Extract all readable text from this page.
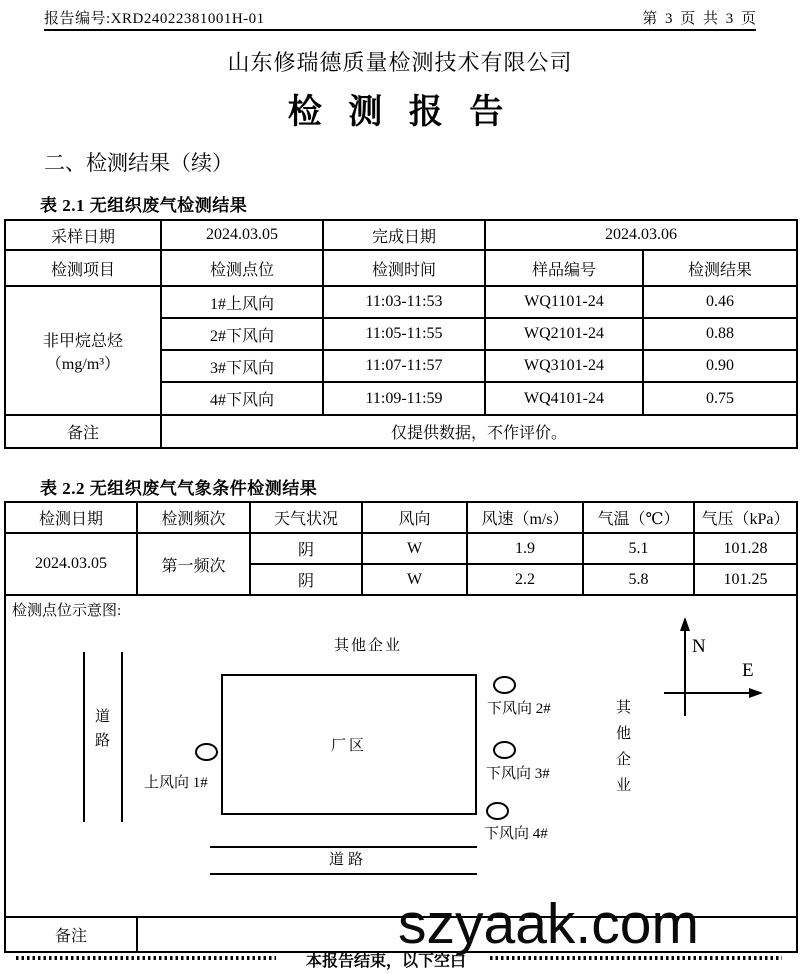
报告编号:XRD24022381001H-01	第 3 页 共 3 页
山东修瑞德质量检测技术有限公司
检 测 报 告
二、检测结果（续）
表 2.1 无组织废气检测结果
采样日期	2024.03.05	完成日期	2024.03.06	
检测项目	检测点位	检测时间	样品编号	检测结果

非甲烷总烃
（mg/m³）	1#上风向	11:03-11:53	WQ1101-24	0.46
	2#下风向	11:05-11:55	WQ2101-24	0.88
	3#下风向	11:07-11:57	WQ3101-24	0.90
	4#下风向	11:09-11:59	WQ4101-24	0.75
备注	仅提供数据，不作评价。			
表 2.2 无组织废气气象条件检测结果
检测日期	检测频次	天气状况	风向	风速（m/s）	气温（℃）	气压（kPa）
2024.03.05	第一频次	阴	W	1.9	5.1	101.28
		阴	W	2.2	5.8	101.25

检测点位示意图:
道路
其他企业
其他企业
厂区
上风向 1#
下风向 2#
下风向 3#
下风向 4#
N
E
道路

备注							szyaak.com
本报告结束，以下空白
